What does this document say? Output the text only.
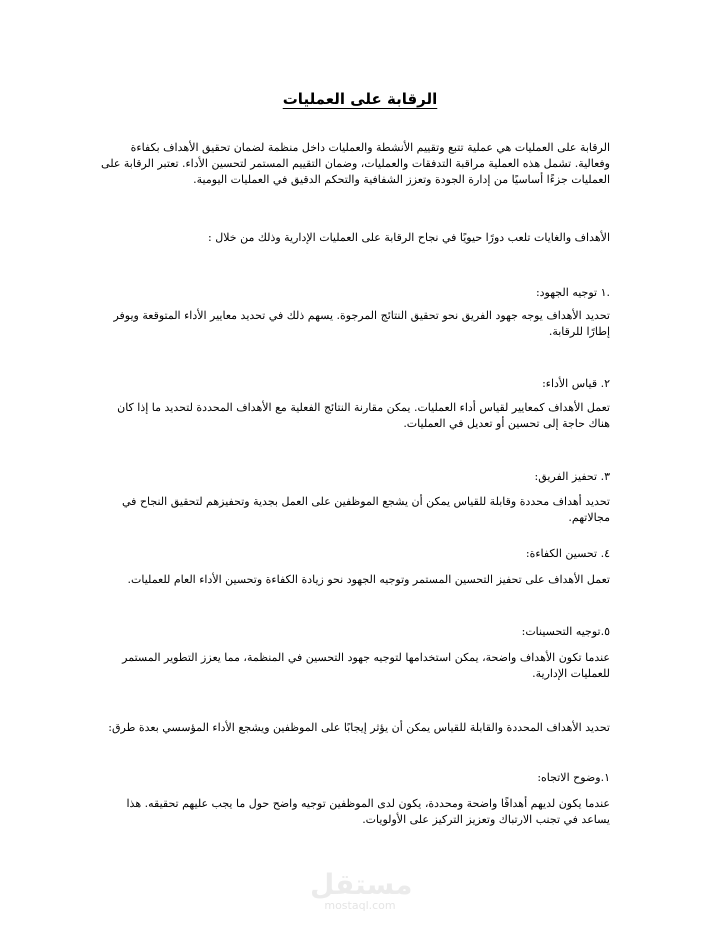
الرقابة على العمليات
الرقابة على العمليات هي عملية تتبع وتقييم الأنشطة والعمليات داخل منظمة لضمان تحقيق الأهداف بكفاءة وفعالية. تشمل هذه العملية مراقبة التدفقات والعمليات، وضمان التقييم المستمر لتحسين الأداء. تعتبر الرقابة على العمليات جزءًا أساسيًا من إدارة الجودة وتعزز الشفافية والتحكم الدقيق في العمليات اليومية.
الأهداف والغايات تلعب دورًا حيويًا في نجاح الرقابة على العمليات الإدارية وذلك من خلال :
.١ توجيه الجهود:
تحديد الأهداف يوجه جهود الفريق نحو تحقيق النتائج المرجوة. يسهم ذلك في تحديد معايير الأداء المتوقعة ويوفر إطارًا للرقابة.
٢. قياس الأداء:
تعمل الأهداف كمعايير لقياس أداء العمليات. يمكن مقارنة النتائج الفعلية مع الأهداف المحددة لتحديد ما إذا كان هناك حاجة إلى تحسين أو تعديل في العمليات.
٣. تحفيز الفريق:
تحديد أهداف محددة وقابلة للقياس يمكن أن يشجع الموظفين على العمل بجدية وتحفيزهم لتحقيق النجاح في مجالاتهم.
٤. تحسين الكفاءة:
تعمل الأهداف على تحفيز التحسين المستمر وتوجيه الجهود نحو زيادة الكفاءة وتحسين الأداء العام للعمليات.
٥.توجيه التحسينات:
عندما تكون الأهداف واضحة، يمكن استخدامها لتوجيه جهود التحسين في المنظمة، مما يعزز التطوير المستمر للعمليات الإدارية.
تحديد الأهداف المحددة والقابلة للقياس يمكن أن يؤثر إيجابًا على الموظفين ويشجع الأداء المؤسسي بعدة طرق:
١.وضوح الاتجاه:
عندما يكون لديهم أهدافًا واضحة ومحددة، يكون لدى الموظفين توجيه واضح حول ما يجب عليهم تحقيقه. هذا يساعد في تجنب الارتباك وتعزيز التركيز على الأولويات.
مستقل
mostaql.com
